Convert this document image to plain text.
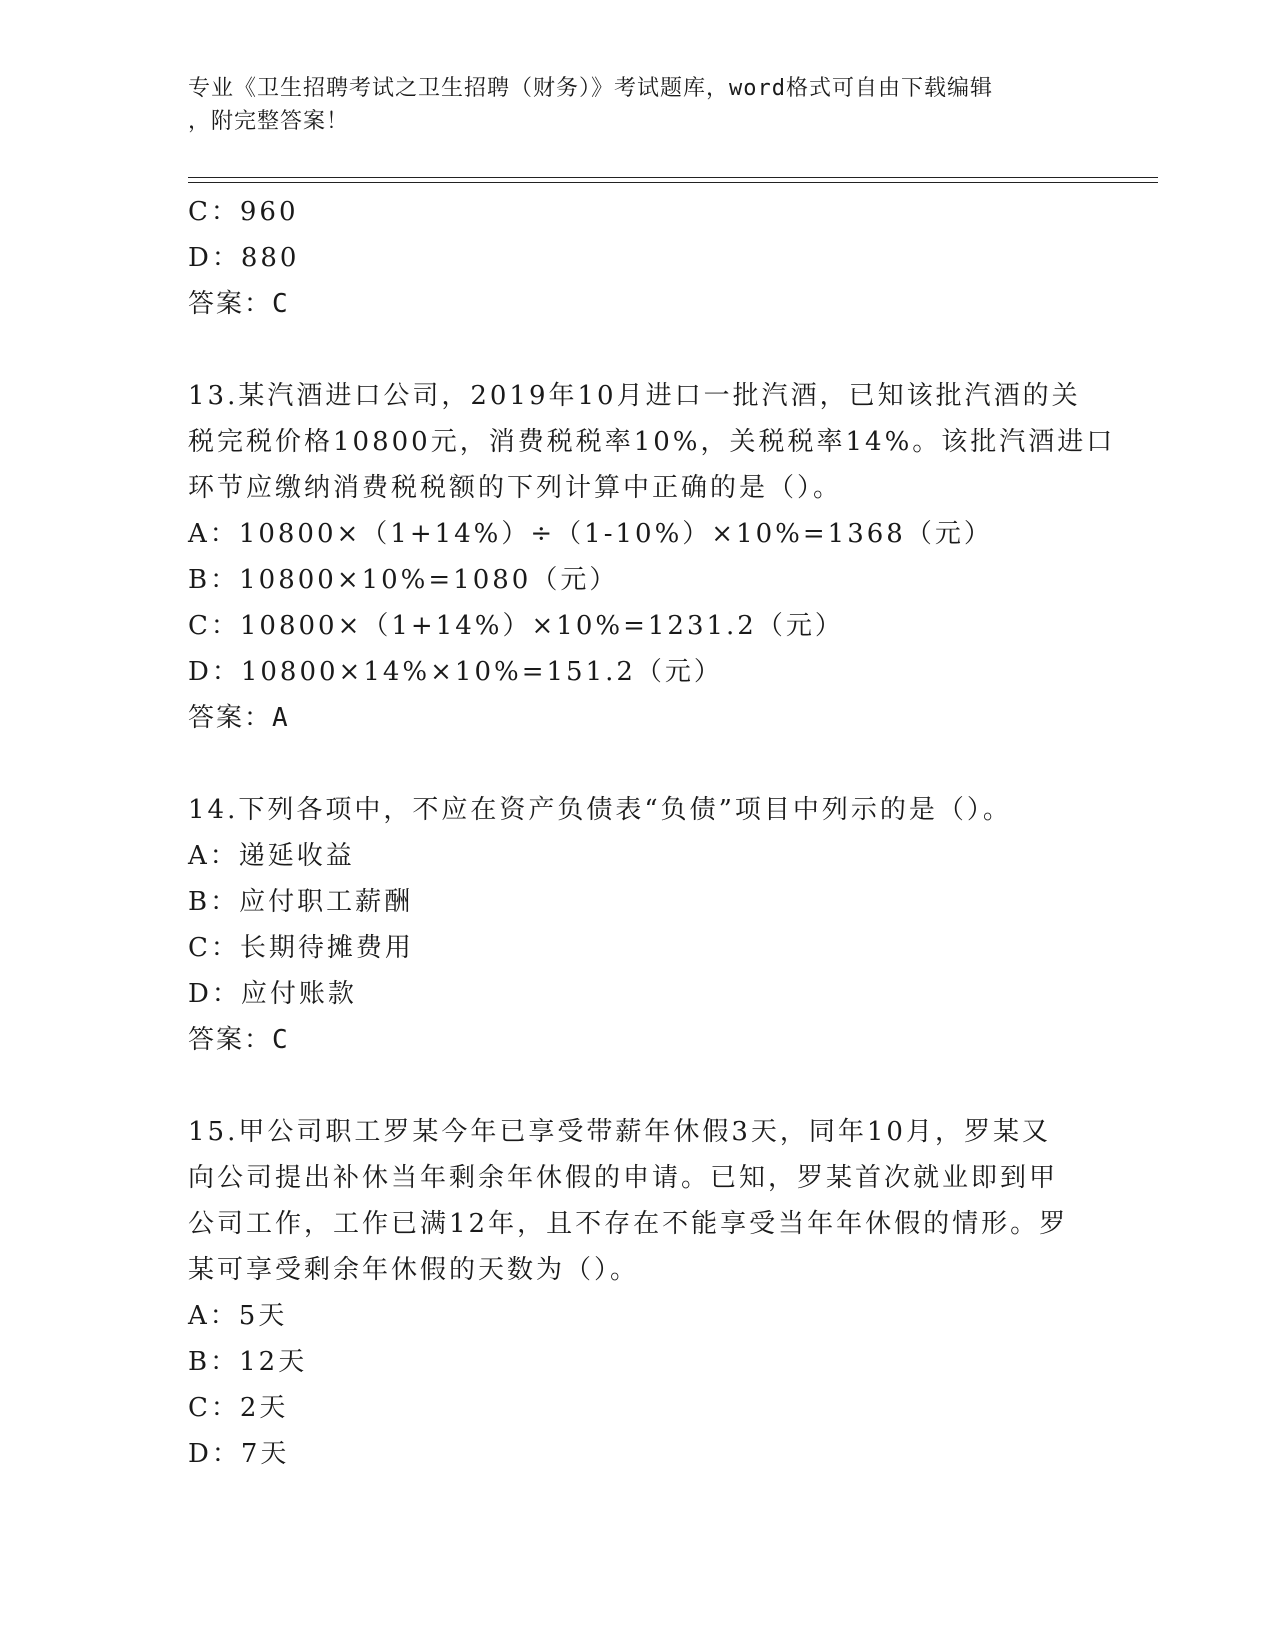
专业《卫生招聘考试之卫生招聘（财务）》考试题库，word格式可自由下载编辑
，附完整答案！
C：960
D：880
答案：C
13.某汽酒进口公司，2019年10月进口一批汽酒，已知该批汽酒的关
税完税价格10800元，消费税税率10%，关税税率14%。该批汽酒进口
环节应缴纳消费税税额的下列计算中正确的是（）。
A：10800×（1+14%）÷（1-10%）×10%=1368（元）
B：10800×10%=1080（元）
C：10800×（1+14%）×10%=1231.2（元）
D：10800×14%×10%=151.2（元）
答案：A
14.下列各项中，不应在资产负债表“负债”项目中列示的是（）。
A：递延收益
B：应付职工薪酬
C：长期待摊费用
D：应付账款
答案：C
15.甲公司职工罗某今年已享受带薪年休假3天，同年10月，罗某又
向公司提出补休当年剩余年休假的申请。已知，罗某首次就业即到甲
公司工作，工作已满12年，且不存在不能享受当年年休假的情形。罗
某可享受剩余年休假的天数为（）。
A：5天
B：12天
C：2天
D：7天
